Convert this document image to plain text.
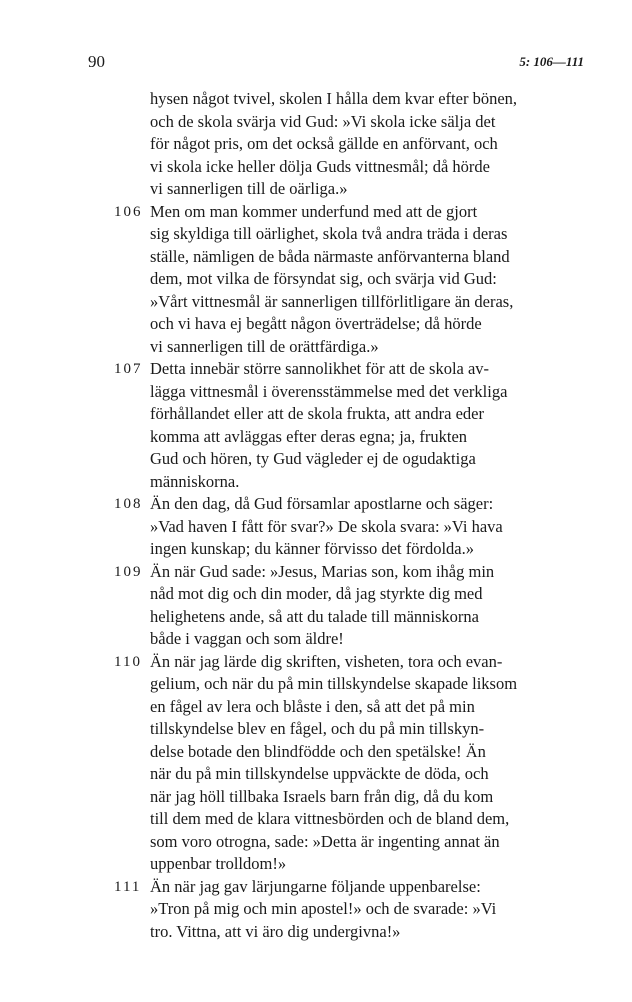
90	5: 106—111
hysen något tvivel, skolen I hålla dem kvar efter bönen,
och de skola svärja vid Gud: »Vi skola icke sälja det
för något pris, om det också gällde en anförvant, och
vi skola icke heller dölja Guds vittnesmål; då hörde
vi sannerligen till de oärliga.»
106 Men om man kommer underfund med att de gjort
sig skyldiga till oärlighet, skola två andra träda i deras
ställe, nämligen de båda närmaste anförvanterna bland
dem, mot vilka de försyndat sig, och svärja vid Gud:
»Vårt vittnesmål är sannerligen tillförlitligare än deras,
och vi hava ej begått någon överträdelse; då hörde
vi sannerligen till de orättfärdiga.»
107 Detta innebär större sannolikhet för att de skola av-
lägga vittnesmål i överensstämmelse med det verkliga
förhållandet eller att de skola frukta, att andra eder
komma att avläggas efter deras egna; ja, frukten
Gud och hören, ty Gud vägleder ej de ogudaktiga
människorna.
108 Än den dag, då Gud församlar apostlarne och säger:
»Vad haven I fått för svar?» De skola svara: »Vi hava
ingen kunskap; du känner förvisso det fördolda.»
109 Än när Gud sade: »Jesus, Marias son, kom ihåg min
nåd mot dig och din moder, då jag styrkte dig med
helighetens ande, så att du talade till människorna
både i vaggan och som äldre!
110 Än när jag lärde dig skriften, visheten, tora och evan-
gelium, och när du på min tillskyndelse skapade liksom
en fågel av lera och blåste i den, så att det på min
tillskyndelse blev en fågel, och du på min tillskyn-
delse botade den blindfödde och den spetälske! Än
när du på min tillskyndelse uppväckte de döda, och
när jag höll tillbaka Israels barn från dig, då du kom
till dem med de klara vittnesbörden och de bland dem,
som voro otrogna, sade: »Detta är ingenting annat än
uppenbar trolldom!»
111 Än när jag gav lärjungarne följande uppenbarelse:
»Tron på mig och min apostel!» och de svarade: »Vi
tro. Vittna, att vi äro dig undergivna!»
